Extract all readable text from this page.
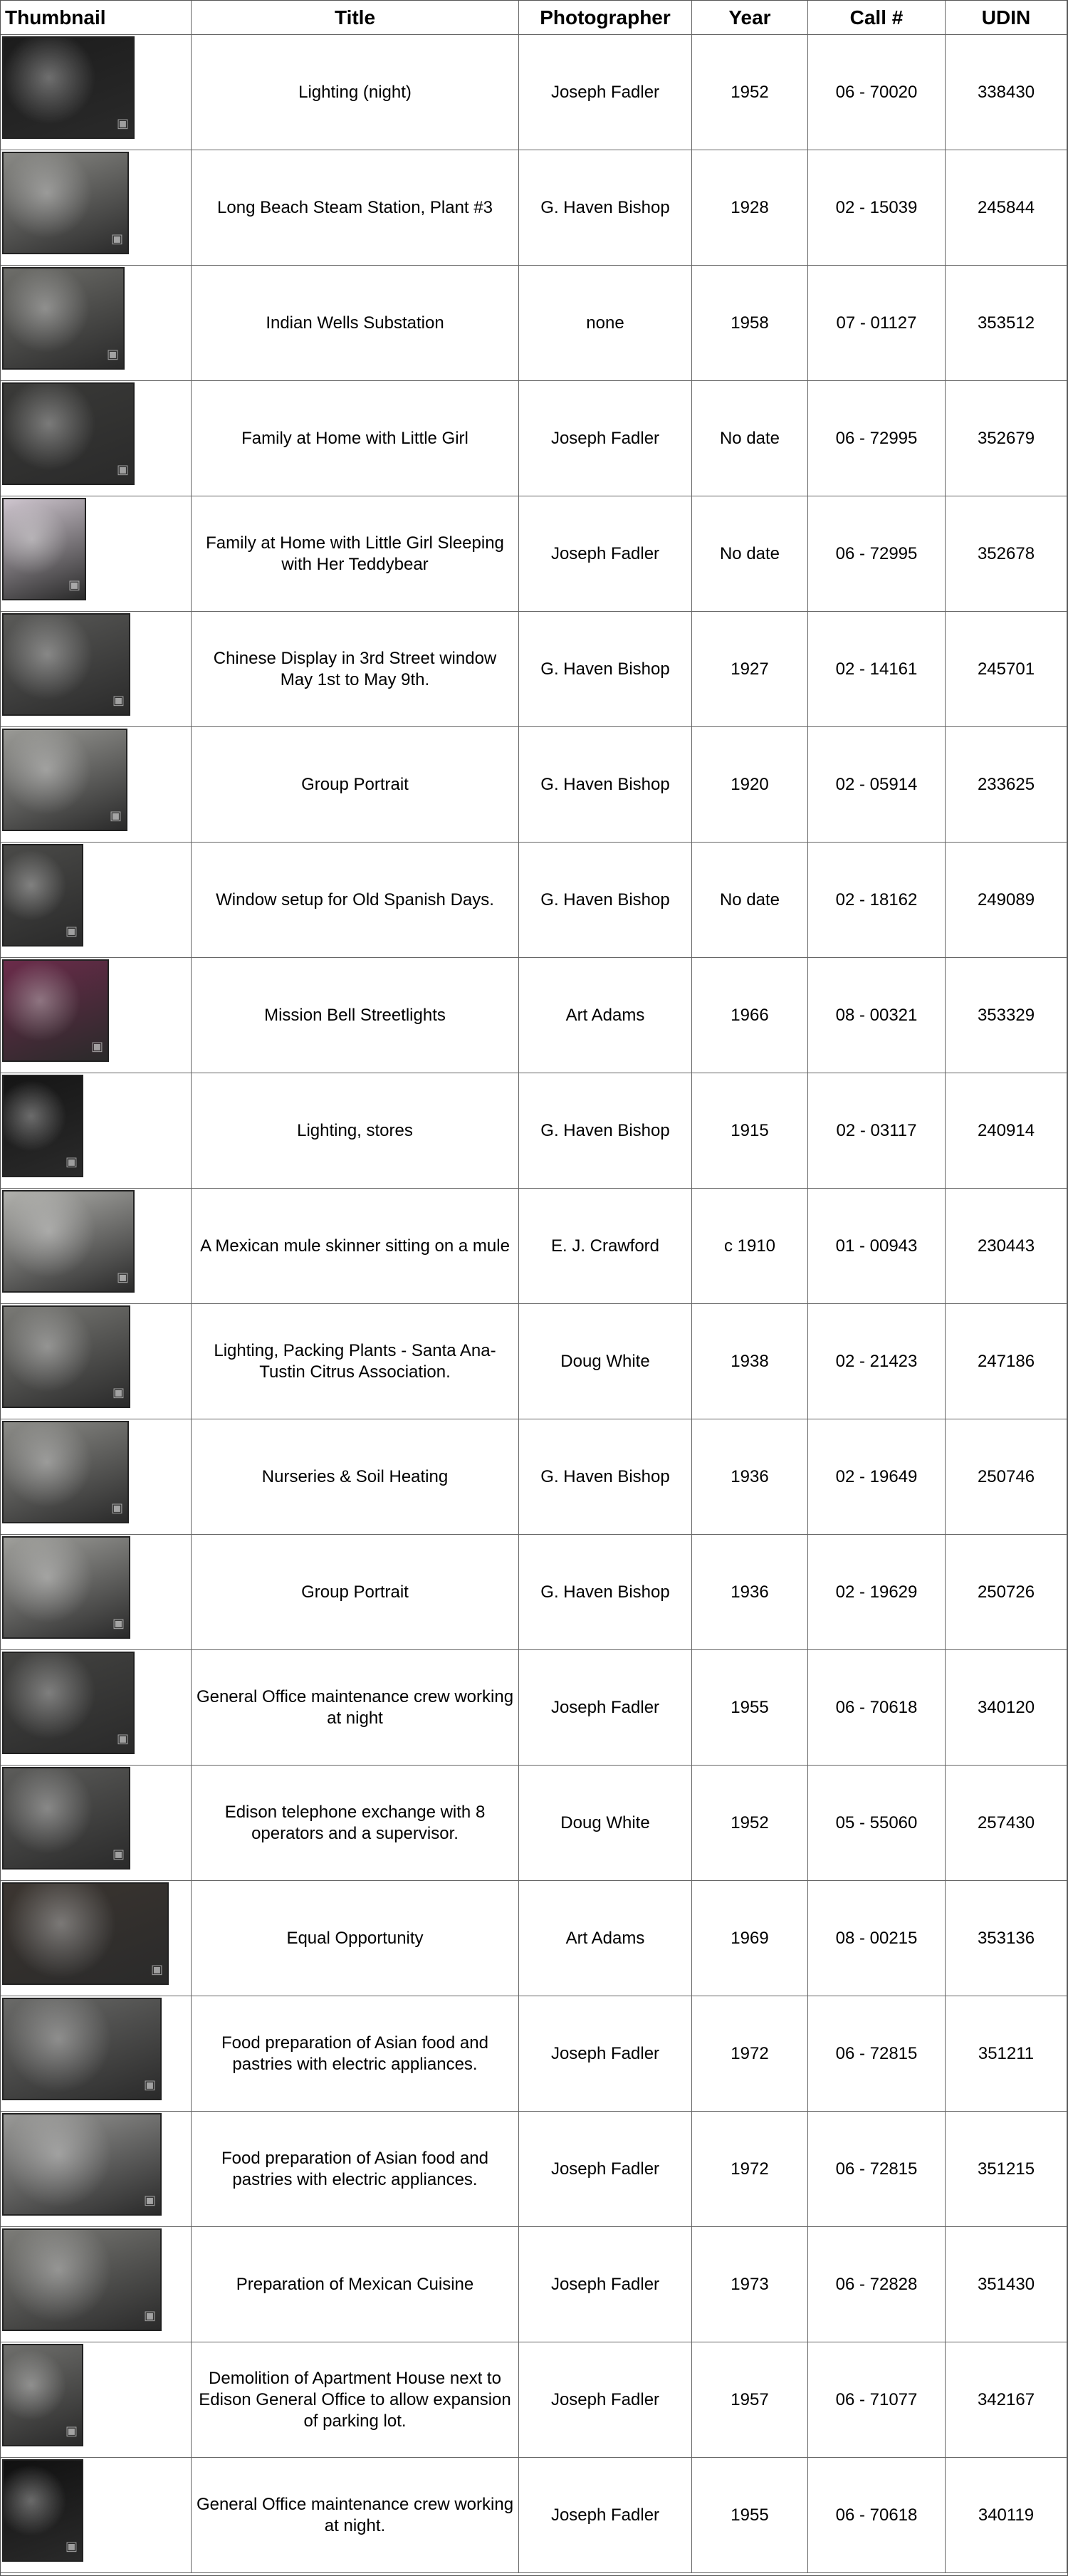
Thumbnail	Title	Photographer	Year	Call #	UDIN

▣	Lighting (night)	Joseph Fadler	1952	06 - 70020	338430

▣	Long Beach Steam Station, Plant #3	G. Haven Bishop	1928	02 - 15039	245844

▣	Indian Wells Substation	none	1958	07 - 01127	353512

▣	Family at Home with Little Girl	Joseph Fadler	No date	06 - 72995	352679

▣	Family at Home with Little Girl Sleeping with Her Teddybear	Joseph Fadler	No date	06 - 72995	352678

▣	Chinese Display in 3rd Street window May 1st to May 9th.	G. Haven Bishop	1927	02 - 14161	245701

▣	Group Portrait	G. Haven Bishop	1920	02 - 05914	233625

▣	Window setup for Old Spanish Days.	G. Haven Bishop	No date	02 - 18162	249089

▣	Mission Bell Streetlights	Art Adams	1966	08 - 00321	353329

▣	Lighting, stores	G. Haven Bishop	1915	02 - 03117	240914

▣	A Mexican mule skinner sitting on a mule	E. J. Crawford	c 1910	01 - 00943	230443

▣	Lighting, Packing Plants - Santa Ana-Tustin Citrus Association.	Doug White	1938	02 - 21423	247186

▣	Nurseries & Soil Heating	G. Haven Bishop	1936	02 - 19649	250746

▣	Group Portrait	G. Haven Bishop	1936	02 - 19629	250726

▣	General Office maintenance crew working at night	Joseph Fadler	1955	06 - 70618	340120

▣	Edison telephone exchange with 8 operators and a supervisor.	Doug White	1952	05 - 55060	257430

▣	Equal Opportunity	Art Adams	1969	08 - 00215	353136

▣	Food preparation of Asian food and pastries with electric appliances.	Joseph Fadler	1972	06 - 72815	351211

▣	Food preparation of Asian food and pastries with electric appliances.	Joseph Fadler	1972	06 - 72815	351215

▣	Preparation of Mexican Cuisine	Joseph Fadler	1973	06 - 72828	351430

▣	Demolition of Apartment House next to Edison General Office to allow expansion of parking lot.	Joseph Fadler	1957	06 - 71077	342167

▣	General Office maintenance crew working at night.	Joseph Fadler	1955	06 - 70618	340119
